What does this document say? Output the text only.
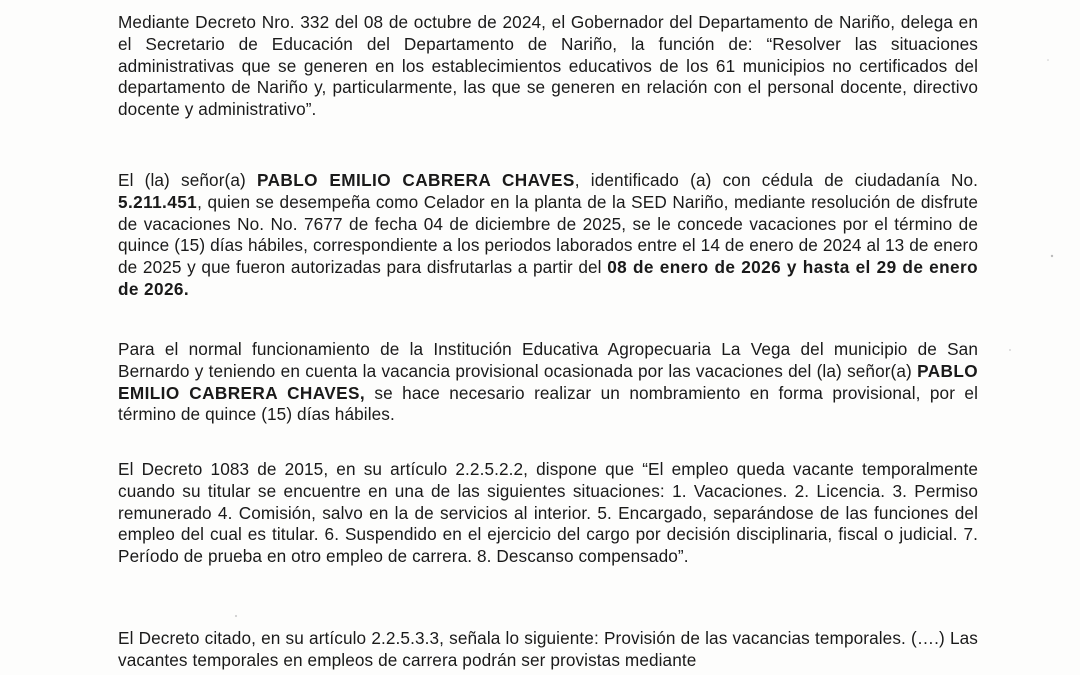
Mediante Decreto Nro. 332 del 08 de octubre de 2024, el Gobernador del Departamento de Nariño, delega en el Secretario de Educación del Departamento de Nariño, la función de: “Resolver las situaciones administrativas que se generen en los establecimientos educativos de los 61 municipios no certificados del departamento de Nariño y, particularmente, las que se generen en relación con el personal docente, directivo docente y administrativo”.

El (la) señor(a) PABLO EMILIO CABRERA CHAVES, identificado (a) con cédula de ciudadanía No. 5.211.451, quien se desempeña como Celador en la planta de la SED Nariño, mediante resolución de disfrute de vacaciones No. No. 7677 de fecha 04 de diciembre de 2025, se le concede vacaciones por el término de quince (15) días hábiles, correspondiente a los periodos laborados entre el 14 de enero de 2024 al 13 de enero de 2025 y que fueron autorizadas para disfrutarlas a partir del 08 de enero de 2026 y hasta el 29 de enero de 2026.

Para el normal funcionamiento de la Institución Educativa Agropecuaria La Vega del municipio de San Bernardo y teniendo en cuenta la vacancia provisional ocasionada por las vacaciones del (la) señor(a) PABLO EMILIO CABRERA CHAVES, se hace necesario realizar un nombramiento en forma provisional, por el término de quince (15) días hábiles.

El Decreto 1083 de 2015, en su artículo 2.2.5.2.2, dispone que “El empleo queda vacante temporalmente cuando su titular se encuentre en una de las siguientes situaciones: 1. Vacaciones. 2. Licencia. 3. Permiso remunerado 4. Comisión, salvo en la de servicios al interior. 5. Encargado, separándose de las funciones del empleo del cual es titular. 6. Suspendido en el ejercicio del cargo por decisión disciplinaria, fiscal o judicial. 7. Período de prueba en otro empleo de carrera. 8. Descanso compensado”.

El Decreto citado, en su artículo 2.2.5.3.3, señala lo siguiente: Provisión de las vacancias temporales. (….) Las vacantes temporales en empleos de carrera podrán ser provistas mediante
